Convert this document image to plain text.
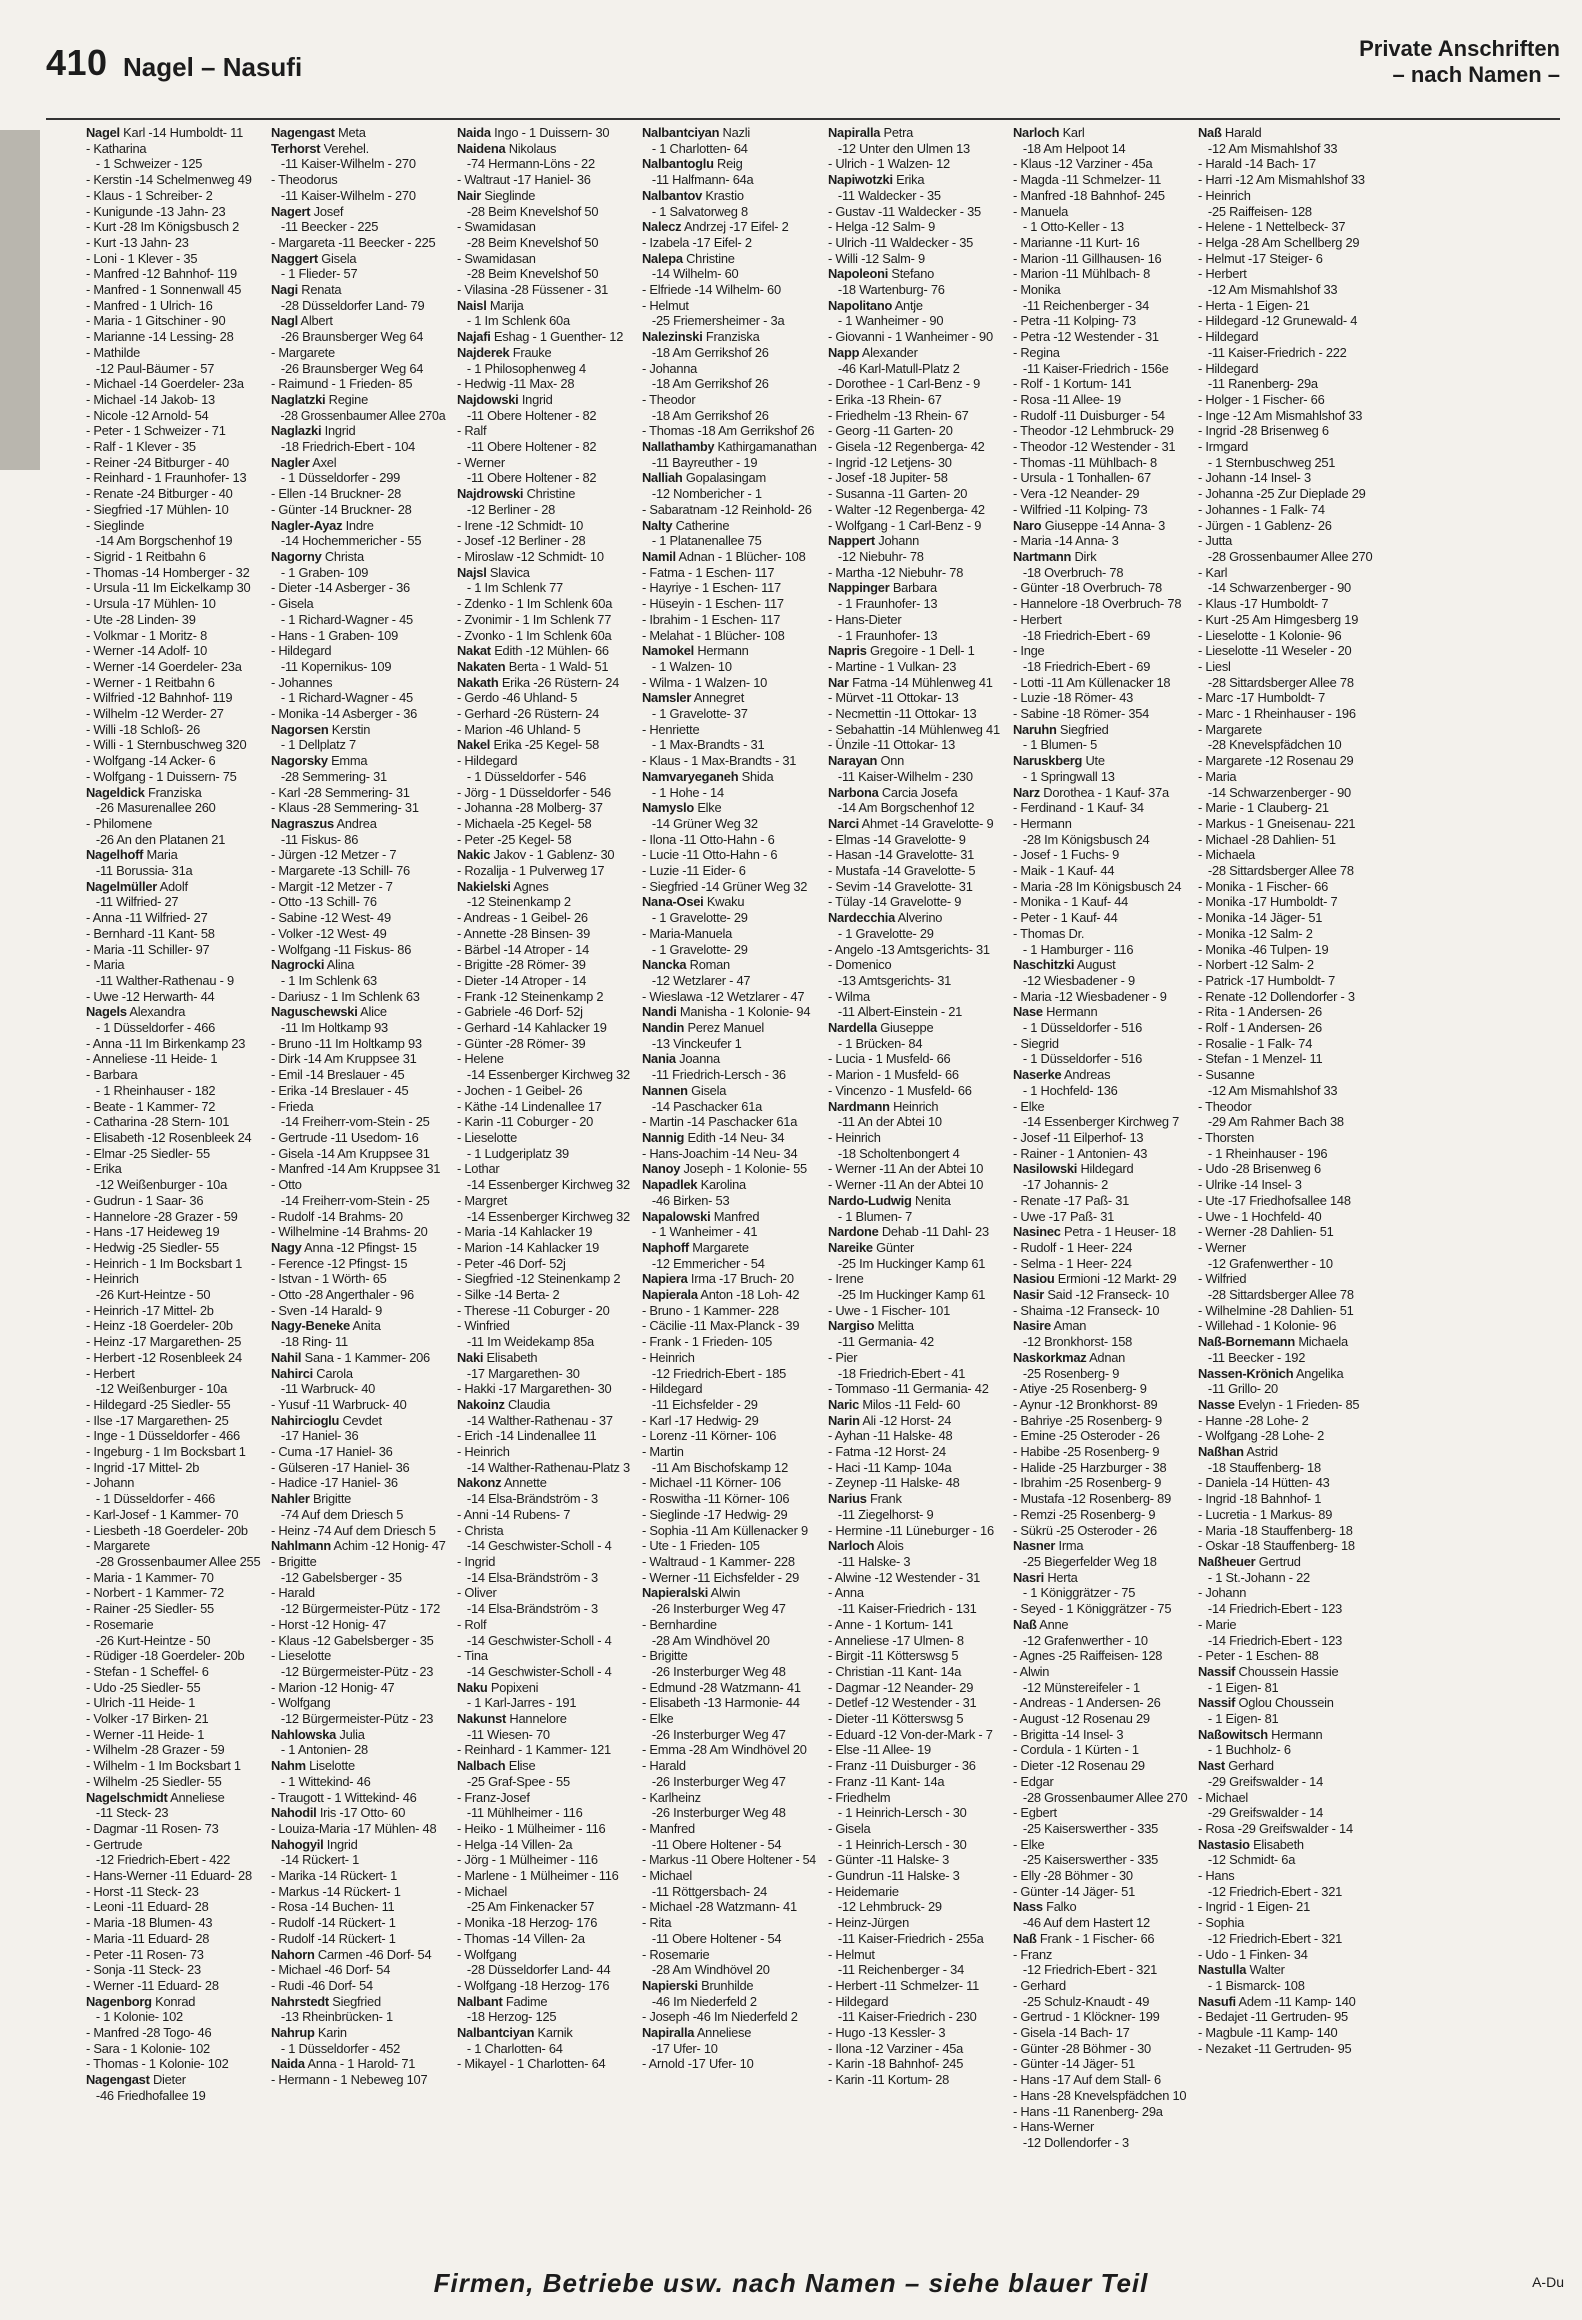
410 Nagel – Nasufi
Private Anschriften
– nach Namen –
Nagel Karl -14 Humboldt- 11
- Katharina
- 1 Schweizer - 125
- Kerstin -14 Schelmenweg 49
- Klaus - 1 Schreiber- 2
- Kunigunde -13 Jahn- 23
- Kurt -28 Im Königsbusch 2
- Kurt -13 Jahn- 23
- Loni - 1 Klever - 35
- Manfred -12 Bahnhof- 119
- Manfred - 1 Sonnenwall 45
- Manfred - 1 Ulrich- 16
- Maria - 1 Gitschiner - 90
- Marianne -14 Lessing- 28
- Mathilde
-12 Paul-Bäumer - 57
- Michael -14 Goerdeler- 23a
- Michael -14 Jakob- 13
- Nicole -12 Arnold- 54
- Peter - 1 Schweizer - 71
- Ralf - 1 Klever - 35
- Reiner -24 Bitburger - 40
- Reinhard - 1 Fraunhofer- 13
- Renate -24 Bitburger - 40
- Siegfried -17 Mühlen- 10
- Sieglinde
-14 Am Borgschenhof 19
- Sigrid - 1 Reitbahn 6
- Thomas -14 Homberger - 32
- Ursula -11 Im Eickelkamp 30
- Ursula -17 Mühlen- 10
- Ute -28 Linden- 39
- Volkmar - 1 Moritz- 8
- Werner -14 Adolf- 10
- Werner -14 Goerdeler- 23a
- Werner - 1 Reitbahn 6
- Wilfried -12 Bahnhof- 119
- Wilhelm -12 Werder- 27
- Willi -18 Schloß- 26
- Willi - 1 Sternbuschweg 320
- Wolfgang -14 Acker- 6
- Wolfgang - 1 Duissern- 75
Nageldick Franziska
-26 Masurenallee 260
- Philomene
-26 An den Platanen 21
Nagelhoff Maria
-11 Borussia- 31a
Nagelmüller Adolf
-11 Wilfried- 27
- Anna -11 Wilfried- 27
- Bernhard -11 Kant- 58
- Maria -11 Schiller- 97
- Maria
-11 Walther-Rathenau - 9
- Uwe -12 Herwarth- 44
Nagels Alexandra
- 1 Düsseldorfer - 466
- Anna -11 Im Birkenkamp 23
- Anneliese -11 Heide- 1
- Barbara
- 1 Rheinhauser - 182
- Beate - 1 Kammer- 72
- Catharina -28 Stern- 101
- Elisabeth -12 Rosenbleek 24
- Elmar -25 Siedler- 55
- Erika
-12 Weißenburger - 10a
- Gudrun - 1 Saar- 36
- Hannelore -28 Grazer - 59
- Hans -17 Heideweg 19
- Hedwig -25 Siedler- 55
- Heinrich - 1 Im Bocksbart 1
- Heinrich
-26 Kurt-Heintze - 50
- Heinrich -17 Mittel- 2b
- Heinz -18 Goerdeler- 20b
- Heinz -17 Margarethen- 25
- Herbert -12 Rosenbleek 24
- Herbert
-12 Weißenburger - 10a
- Hildegard -25 Siedler- 55
- Ilse -17 Margarethen- 25
- Inge - 1 Düsseldorfer - 466
- Ingeburg - 1 Im Bocksbart 1
- Ingrid -17 Mittel- 2b
- Johann
- 1 Düsseldorfer - 466
- Karl-Josef - 1 Kammer- 70
- Liesbeth -18 Goerdeler- 20b
- Margarete
-28 Grossenbaumer Allee 255
- Maria - 1 Kammer- 70
- Norbert - 1 Kammer- 72
- Rainer -25 Siedler- 55
- Rosemarie
-26 Kurt-Heintze - 50
- Rüdiger -18 Goerdeler- 20b
- Stefan - 1 Scheffel- 6
- Udo -25 Siedler- 55
- Ulrich -11 Heide- 1
- Volker -17 Birken- 21
- Werner -11 Heide- 1
- Wilhelm -28 Grazer - 59
- Wilhelm - 1 Im Bocksbart 1
- Wilhelm -25 Siedler- 55
Nagelschmidt Anneliese
-11 Steck- 23
- Dagmar -11 Rosen- 73
- Gertrude
-12 Friedrich-Ebert - 422
- Hans-Werner -11 Eduard- 28
- Horst -11 Steck- 23
- Leoni -11 Eduard- 28
- Maria -18 Blumen- 43
- Maria -11 Eduard- 28
- Peter -11 Rosen- 73
- Sonja -11 Steck- 23
- Werner -11 Eduard- 28
Nagenborg Konrad
- 1 Kolonie- 102
- Manfred -28 Togo- 46
- Sara - 1 Kolonie- 102
- Thomas - 1 Kolonie- 102
Nagengast Dieter
-46 Friedhofallee 19
Nagengast Meta
Terhorst Verehel.
-11 Kaiser-Wilhelm - 270
- Theodorus
-11 Kaiser-Wilhelm - 270
Nagert Josef
-11 Beecker - 225
- Margareta -11 Beecker - 225
Naggert Gisela
- 1 Flieder- 57
Nagi Renata
-28 Düsseldorfer Land- 79
Nagl Albert
-26 Braunsberger Weg 64
- Margarete
-26 Braunsberger Weg 64
- Raimund - 1 Frieden- 85
Naglatzki Regine
-28 Grossenbaumer Allee 270a
Naglazki Ingrid
-18 Friedrich-Ebert - 104
Nagler Axel
- 1 Düsseldorfer - 299
- Ellen -14 Bruckner- 28
- Günter -14 Bruckner- 28
Nagler-Ayaz Indre
-14 Hochemmericher - 55
Nagorny Christa
- 1 Graben- 109
- Dieter -14 Asberger - 36
- Gisela
- 1 Richard-Wagner - 45
- Hans - 1 Graben- 109
- Hildegard
-11 Kopernikus- 109
- Johannes
- 1 Richard-Wagner - 45
- Monika -14 Asberger - 36
Nagorsen Kerstin
- 1 Dellplatz 7
Nagorsky Emma
-28 Semmering- 31
- Karl -28 Semmering- 31
- Klaus -28 Semmering- 31
Nagraszus Andrea
-11 Fiskus- 86
- Jürgen -12 Metzer - 7
- Margarete -13 Schill- 76
- Margit -12 Metzer - 7
- Otto -13 Schill- 76
- Sabine -12 West- 49
- Volker -12 West- 49
- Wolfgang -11 Fiskus- 86
Nagrocki Alina
- 1 Im Schlenk 63
- Dariusz - 1 Im Schlenk 63
Naguschewski Alice
-11 Im Holtkamp 93
- Bruno -11 Im Holtkamp 93
- Dirk -14 Am Kruppsee 31
- Emil -14 Breslauer - 45
- Erika -14 Breslauer - 45
- Frieda
-14 Freiherr-vom-Stein - 25
- Gertrude -11 Usedom- 16
- Gisela -14 Am Kruppsee 31
- Manfred -14 Am Kruppsee 31
- Otto
-14 Freiherr-vom-Stein - 25
- Rudolf -14 Brahms- 20
- Wilhelmine -14 Brahms- 20
Nagy Anna -12 Pfingst- 15
- Ference -12 Pfingst- 15
- Istvan - 1 Wörth- 65
- Otto -28 Angerthaler - 96
- Sven -14 Harald- 9
Nagy-Beneke Anita
-18 Ring- 11
Nahil Sana - 1 Kammer- 206
Nahirci Carola
-11 Warbruck- 40
- Yusuf -11 Warbruck- 40
Nahircioglu Cevdet
-17 Haniel- 36
- Cuma -17 Haniel- 36
- Gülseren -17 Haniel- 36
- Hadice -17 Haniel- 36
Nahler Brigitte
-74 Auf dem Driesch 5
- Heinz -74 Auf dem Driesch 5
Nahlmann Achim -12 Honig- 47
- Brigitte
-12 Gabelsberger - 35
- Harald
-12 Bürgermeister-Pütz - 172
- Horst -12 Honig- 47
- Klaus -12 Gabelsberger - 35
- Lieselotte
-12 Bürgermeister-Pütz - 23
- Marion -12 Honig- 47
- Wolfgang
-12 Bürgermeister-Pütz - 23
Nahlowska Julia
- 1 Antonien- 28
Nahm Liselotte
- 1 Wittekind- 46
- Traugott - 1 Wittekind- 46
Nahodil Iris -17 Otto- 60
- Louiza-Maria -17 Mühlen- 48
Nahogyil Ingrid
-14 Rückert- 1
- Marika -14 Rückert- 1
- Markus -14 Rückert- 1
- Rosa -14 Buchen- 11
- Rudolf -14 Rückert- 1
- Rudolf -14 Rückert- 1
Nahorn Carmen -46 Dorf- 54
- Michael -46 Dorf- 54
- Rudi -46 Dorf- 54
Nahrstedt Siegfried
-13 Rheinbrücken- 1
Nahrup Karin
- 1 Düsseldorfer - 452
Naida Anna - 1 Harold- 71
- Hermann - 1 Nebeweg 107
Naida Ingo - 1 Duissern- 30
Naidena Nikolaus
-74 Hermann-Löns - 22
- Waltraut -17 Haniel- 36
Nair Sieglinde
-28 Beim Knevelshof 50
- Swamidasan
-28 Beim Knevelshof 50
- Swamidasan
-28 Beim Knevelshof 50
- Vilasina -28 Füssener - 31
Naisl Marija
- 1 Im Schlenk 60a
Najafi Eshag - 1 Guenther- 12
Najderek Frauke
- 1 Philosophenweg 4
- Hedwig -11 Max- 28
Najdowski Ingrid
-11 Obere Holtener - 82
- Ralf
-11 Obere Holtener - 82
- Werner
-11 Obere Holtener - 82
Najdrowski Christine
-12 Berliner - 28
- Irene -12 Schmidt- 10
- Josef -12 Berliner - 28
- Miroslaw -12 Schmidt- 10
Najsl Slavica
- 1 Im Schlenk 77
- Zdenko - 1 Im Schlenk 60a
- Zvonimir - 1 Im Schlenk 77
- Zvonko - 1 Im Schlenk 60a
Nakat Edith -12 Mühlen- 66
Nakaten Berta - 1 Wald- 51
Nakath Erika -26 Rüstern- 24
- Gerdo -46 Uhland- 5
- Gerhard -26 Rüstern- 24
- Marion -46 Uhland- 5
Nakel Erika -25 Kegel- 58
- Hildegard
- 1 Düsseldorfer - 546
- Jörg - 1 Düsseldorfer - 546
- Johanna -28 Molberg- 37
- Michaela -25 Kegel- 58
- Peter -25 Kegel- 58
Nakic Jakov - 1 Gablenz- 30
- Rozalija - 1 Pulverweg 17
Nakielski Agnes
-12 Steinenkamp 2
- Andreas - 1 Geibel- 26
- Annette -28 Binsen- 39
- Bärbel -14 Atroper - 14
- Brigitte -28 Römer- 39
- Dieter -14 Atroper - 14
- Frank -12 Steinenkamp 2
- Gabriele -46 Dorf- 52j
- Gerhard -14 Kahlacker 19
- Günter -28 Römer- 39
- Helene
-14 Essenberger Kirchweg 32
- Jochen - 1 Geibel- 26
- Käthe -14 Lindenallee 17
- Karin -11 Coburger - 20
- Lieselotte
- 1 Ludgeriplatz 39
- Lothar
-14 Essenberger Kirchweg 32
- Margret
-14 Essenberger Kirchweg 32
- Maria -14 Kahlacker 19
- Marion -14 Kahlacker 19
- Peter -46 Dorf- 52j
- Siegfried -12 Steinenkamp 2
- Silke -14 Berta- 2
- Therese -11 Coburger - 20
- Winfried
-11 Im Weidekamp 85a
Naki Elisabeth
-17 Margarethen- 30
- Hakki -17 Margarethen- 30
Nakoinz Claudia
-14 Walther-Rathenau - 37
- Erich -14 Lindenallee 11
- Heinrich
-14 Walther-Rathenau-Platz 3
Nakonz Annette
-14 Elsa-Brändström - 3
- Anni -14 Rubens- 7
- Christa
-14 Geschwister-Scholl - 4
- Ingrid
-14 Elsa-Brändström - 3
- Oliver
-14 Elsa-Brändström - 3
- Rolf
-14 Geschwister-Scholl - 4
- Tina
-14 Geschwister-Scholl - 4
Naku Popixeni
- 1 Karl-Jarres - 191
Nakunst Hannelore
-11 Wiesen- 70
- Reinhard - 1 Kammer- 121
Nalbach Elise
-25 Graf-Spee - 55
- Franz-Josef
-11 Mühlheimer - 116
- Heiko - 1 Mülheimer - 116
- Helga -14 Villen- 2a
- Jörg - 1 Mülheimer - 116
- Marlene - 1 Mülheimer - 116
- Michael
-25 Am Finkenacker 57
- Monika -18 Herzog- 176
- Thomas -14 Villen- 2a
- Wolfgang
-28 Düsseldorfer Land- 44
- Wolfgang -18 Herzog- 176
Nalbant Fadime
-18 Herzog- 125
Nalbantciyan Karnik
- 1 Charlotten- 64
- Mikayel - 1 Charlotten- 64
Nalbantciyan Nazli
- 1 Charlotten- 64
Nalbantoglu Reig
-11 Halfmann- 64a
Nalbantov Krastio
- 1 Salvatorweg 8
Nalecz Andrzej -17 Eifel- 2
- Izabela -17 Eifel- 2
Nalepa Christine
-14 Wilhelm- 60
- Elfriede -14 Wilhelm- 60
- Helmut
-25 Friemersheimer - 3a
Nalezinski Franziska
-18 Am Gerrikshof 26
- Johanna
-18 Am Gerrikshof 26
- Theodor
-18 Am Gerrikshof 26
- Thomas -18 Am Gerrikshof 26
Nallathamby Kathirgamanathan
-11 Bayreuther - 19
Nalliah Gopalasingam
-12 Nombericher - 1
- Sabaratnam -12 Reinhold- 26
Nalty Catherine
- 1 Platanenallee 75
Namil Adnan - 1 Blücher- 108
- Fatma - 1 Eschen- 117
- Hayriye - 1 Eschen- 117
- Hüseyin - 1 Eschen- 117
- Ibrahim - 1 Eschen- 117
- Melahat - 1 Blücher- 108
Namokel Hermann
- 1 Walzen- 10
- Wilma - 1 Walzen- 10
Namsler Annegret
- 1 Gravelotte- 37
- Henriette
- 1 Max-Brandts - 31
- Klaus - 1 Max-Brandts - 31
Namvaryeganeh Shida
- 1 Hohe - 14
Namyslo Elke
-14 Grüner Weg 32
- Ilona -11 Otto-Hahn - 6
- Lucie -11 Otto-Hahn - 6
- Luzie -11 Eider- 6
- Siegfried -14 Grüner Weg 32
Nana-Osei Kwaku
- 1 Gravelotte- 29
- Maria-Manuela
- 1 Gravelotte- 29
Nancka Roman
-12 Wetzlarer - 47
- Wieslawa -12 Wetzlarer - 47
Nandi Manisha - 1 Kolonie- 94
Nandin Perez Manuel
-13 Vinckeufer 1
Nania Joanna
-11 Friedrich-Lersch - 36
Nannen Gisela
-14 Paschacker 61a
- Martin -14 Paschacker 61a
Nannig Edith -14 Neu- 34
- Hans-Joachim -14 Neu- 34
Nanoy Joseph - 1 Kolonie- 55
Napadlek Karolina
-46 Birken- 53
Napalowski Manfred
- 1 Wanheimer - 41
Naphoff Margarete
-12 Emmericher - 54
Napiera Irma -17 Bruch- 20
Napierala Anton -18 Loh- 42
- Bruno - 1 Kammer- 228
- Cäcilie -11 Max-Planck - 39
- Frank - 1 Frieden- 105
- Heinrich
-12 Friedrich-Ebert - 185
- Hildegard
-11 Eichsfelder - 29
- Karl -17 Hedwig- 29
- Lorenz -11 Körner- 106
- Martin
-11 Am Bischofskamp 12
- Michael -11 Körner- 106
- Roswitha -11 Körner- 106
- Sieglinde -17 Hedwig- 29
- Sophia -11 Am Küllenacker 9
- Ute - 1 Frieden- 105
- Waltraud - 1 Kammer- 228
- Werner -11 Eichsfelder - 29
Napieralski Alwin
-26 Insterburger Weg 47
- Bernhardine
-28 Am Windhövel 20
- Brigitte
-26 Insterburger Weg 48
- Edmund -28 Watzmann- 41
- Elisabeth -13 Harmonie- 44
- Elke
-26 Insterburger Weg 47
- Emma -28 Am Windhövel 20
- Harald
-26 Insterburger Weg 47
- Karlheinz
-26 Insterburger Weg 48
- Manfred
-11 Obere Holtener - 54
- Markus -11 Obere Holtener - 54
- Michael
-11 Röttgersbach- 24
- Michael -28 Watzmann- 41
- Rita
-11 Obere Holtener - 54
- Rosemarie
-28 Am Windhövel 20
Napierski Brunhilde
-46 Im Niederfeld 2
- Joseph -46 Im Niederfeld 2
Napiralla Anneliese
-17 Ufer- 10
- Arnold -17 Ufer- 10
Napiralla Petra
-12 Unter den Ulmen 13
- Ulrich - 1 Walzen- 12
Napiwotzki Erika
-11 Waldecker - 35
- Gustav -11 Waldecker - 35
- Helga -12 Salm- 9
- Ulrich -11 Waldecker - 35
- Willi -12 Salm- 9
Napoleoni Stefano
-18 Wartenburg- 76
Napolitano Antje
- 1 Wanheimer - 90
- Giovanni - 1 Wanheimer - 90
Napp Alexander
-46 Karl-Matull-Platz 2
- Dorothee - 1 Carl-Benz - 9
- Erika -13 Rhein- 67
- Friedhelm -13 Rhein- 67
- Georg -11 Garten- 20
- Gisela -12 Regenberga- 42
- Ingrid -12 Letjens- 30
- Josef -18 Jupiter- 58
- Susanna -11 Garten- 20
- Walter -12 Regenberga- 42
- Wolfgang - 1 Carl-Benz - 9
Nappert Johann
-12 Niebuhr- 78
- Martha -12 Niebuhr- 78
Nappinger Barbara
- 1 Fraunhofer- 13
- Hans-Dieter
- 1 Fraunhofer- 13
Napris Gregoire - 1 Dell- 1
- Martine - 1 Vulkan- 23
Nar Fatma -14 Mühlenweg 41
- Mürvet -11 Ottokar- 13
- Necmettin -11 Ottokar- 13
- Sebahattin -14 Mühlenweg 41
- Ünzile -11 Ottokar- 13
Narayan Onn
-11 Kaiser-Wilhelm - 230
Narbona Carcia Josefa
-14 Am Borgschenhof 12
Narci Ahmet -14 Gravelotte- 9
- Elmas -14 Gravelotte- 9
- Hasan -14 Gravelotte- 31
- Mustafa -14 Gravelotte- 5
- Sevim -14 Gravelotte- 31
- Tülay -14 Gravelotte- 9
Nardecchia Alverino
- 1 Gravelotte- 29
- Angelo -13 Amtsgerichts- 31
- Domenico
-13 Amtsgerichts- 31
- Wilma
-11 Albert-Einstein - 21
Nardella Giuseppe
- 1 Brücken- 84
- Lucia - 1 Musfeld- 66
- Marion - 1 Musfeld- 66
- Vincenzo - 1 Musfeld- 66
Nardmann Heinrich
-11 An der Abtei 10
- Heinrich
-18 Scholtenbongert 4
- Werner -11 An der Abtei 10
- Werner -11 An der Abtei 10
Nardo-Ludwig Nenita
- 1 Blumen- 7
Nardone Dehab -11 Dahl- 23
Nareike Günter
-25 Im Huckinger Kamp 61
- Irene
-25 Im Huckinger Kamp 61
- Uwe - 1 Fischer- 101
Nargiso Melitta
-11 Germania- 42
- Pier
-18 Friedrich-Ebert - 41
- Tommaso -11 Germania- 42
Naric Milos -11 Feld- 60
Narin Ali -12 Horst- 24
- Ayhan -11 Halske- 48
- Fatma -12 Horst- 24
- Haci -11 Kamp- 104a
- Zeynep -11 Halske- 48
Narius Frank
-11 Ziegelhorst- 9
- Hermine -11 Lüneburger - 16
Narloch Alois
-11 Halske- 3
- Alwine -12 Westender - 31
- Anna
-11 Kaiser-Friedrich - 131
- Anne - 1 Kortum- 141
- Anneliese -17 Ulmen- 8
- Birgit -11 Kötterswsg 5
- Christian -11 Kant- 14a
- Dagmar -12 Neander- 29
- Detlef -12 Westender - 31
- Dieter -11 Kötterswsg 5
- Eduard -12 Von-der-Mark - 7
- Else -11 Allee- 19
- Franz -11 Duisburger - 36
- Franz -11 Kant- 14a
- Friedhelm
- 1 Heinrich-Lersch - 30
- Gisela
- 1 Heinrich-Lersch - 30
- Günter -11 Halske- 3
- Gundrun -11 Halske- 3
- Heidemarie
-12 Lehmbruck- 29
- Heinz-Jürgen
-11 Kaiser-Friedrich - 255a
- Helmut
-11 Reichenberger - 34
- Herbert -11 Schmelzer- 11
- Hildegard
-11 Kaiser-Friedrich - 230
- Hugo -13 Kessler- 3
- Ilona -12 Varziner - 45a
- Karin -18 Bahnhof- 245
- Karin -11 Kortum- 28
Narloch Karl
-18 Am Helpoot 14
- Klaus -12 Varziner - 45a
- Magda -11 Schmelzer- 11
- Manfred -18 Bahnhof- 245
- Manuela
- 1 Otto-Keller - 13
- Marianne -11 Kurt- 16
- Marion -11 Gillhausen- 16
- Marion -11 Mühlbach- 8
- Monika
-11 Reichenberger - 34
- Petra -11 Kolping- 73
- Petra -12 Westender - 31
- Regina
-11 Kaiser-Friedrich - 156e
- Rolf - 1 Kortum- 141
- Rosa -11 Allee- 19
- Rudolf -11 Duisburger - 54
- Theodor -12 Lehmbruck- 29
- Theodor -12 Westender - 31
- Thomas -11 Mühlbach- 8
- Ursula - 1 Tonhallen- 67
- Vera -12 Neander- 29
- Wilfried -11 Kolping- 73
Naro Giuseppe -14 Anna- 3
- Maria -14 Anna- 3
Nartmann Dirk
-18 Overbruch- 78
- Günter -18 Overbruch- 78
- Hannelore -18 Overbruch- 78
- Herbert
-18 Friedrich-Ebert - 69
- Inge
-18 Friedrich-Ebert - 69
- Lotti -11 Am Küllenacker 18
- Luzie -18 Römer- 43
- Sabine -18 Römer- 354
Naruhn Siegfried
- 1 Blumen- 5
Naruskberg Ute
- 1 Springwall 13
Narz Dorothea - 1 Kauf- 37a
- Ferdinand - 1 Kauf- 34
- Hermann
-28 Im Königsbusch 24
- Josef - 1 Fuchs- 9
- Maik - 1 Kauf- 44
- Maria -28 Im Königsbusch 24
- Monika - 1 Kauf- 44
- Peter - 1 Kauf- 44
- Thomas Dr.
- 1 Hamburger - 116
Naschitzki August
-12 Wiesbadener - 9
- Maria -12 Wiesbadener - 9
Nase Hermann
- 1 Düsseldorfer - 516
- Siegrid
- 1 Düsseldorfer - 516
Naserke Andreas
- 1 Hochfeld- 136
- Elke
-14 Essenberger Kirchweg 7
- Josef -11 Eilperhof- 13
- Rainer - 1 Antonien- 43
Nasilowski Hildegard
-17 Johannis- 2
- Renate -17 Paß- 31
- Uwe -17 Paß- 31
Nasinec Petra - 1 Heuser- 18
- Rudolf - 1 Heer- 224
- Selma - 1 Heer- 224
Nasiou Ermioni -12 Markt- 29
Nasir Said -12 Franseck- 10
- Shaima -12 Franseck- 10
Nasire Aman
-12 Bronkhorst- 158
Naskorkmaz Adnan
-25 Rosenberg- 9
- Atiye -25 Rosenberg- 9
- Aynur -12 Bronkhorst- 89
- Bahriye -25 Rosenberg- 9
- Emine -25 Osteroder - 26
- Habibe -25 Rosenberg- 9
- Halide -25 Harzburger - 38
- Ibrahim -25 Rosenberg- 9
- Mustafa -12 Rosenberg- 89
- Remzi -25 Rosenberg- 9
- Sükrü -25 Osteroder - 26
Nasner Irma
-25 Biegerfelder Weg 18
Nasri Herta
- 1 Königgrätzer - 75
- Seyed - 1 Königgrätzer - 75
Naß Anne
-12 Grafenwerther - 10
- Agnes -25 Raiffeisen- 128
- Alwin
-12 Münstereifeler - 1
- Andreas - 1 Andersen- 26
- August -12 Rosenau 29
- Brigitta -14 Insel- 3
- Cordula - 1 Kürten - 1
- Dieter -12 Rosenau 29
- Edgar
-28 Grossenbaumer Allee 270
- Egbert
-25 Kaiserswerther - 335
- Elke
-25 Kaiserswerther - 335
- Elly -28 Böhmer - 30
- Günter -14 Jäger- 51
Nass Falko
-46 Auf dem Hastert 12
Naß Frank - 1 Fischer- 66
- Franz
-12 Friedrich-Ebert - 321
- Gerhard
-25 Schulz-Knaudt - 49
- Gertrud - 1 Klöckner- 199
- Gisela -14 Bach- 17
- Günter -28 Böhmer - 30
- Günter -14 Jäger- 51
- Hans -17 Auf dem Stall- 6
- Hans -28 Knevelspfädchen 10
- Hans -11 Ranenberg- 29a
- Hans-Werner
-12 Dollendorfer - 3
Naß Harald
-12 Am Mismahlshof 33
- Harald -14 Bach- 17
- Harri -12 Am Mismahlshof 33
- Heinrich
-25 Raiffeisen- 128
- Helene - 1 Nettelbeck- 37
- Helga -28 Am Schellberg 29
- Helmut -17 Steiger- 6
- Herbert
-12 Am Mismahlshof 33
- Herta - 1 Eigen- 21
- Hildegard -12 Grunewald- 4
- Hildegard
-11 Kaiser-Friedrich - 222
- Hildegard
-11 Ranenberg- 29a
- Holger - 1 Fischer- 66
- Inge -12 Am Mismahlshof 33
- Ingrid -28 Brisenweg 6
- Irmgard
- 1 Sternbuschweg 251
- Johann -14 Insel- 3
- Johanna -25 Zur Dieplade 29
- Johannes - 1 Falk- 74
- Jürgen - 1 Gablenz- 26
- Jutta
-28 Grossenbaumer Allee 270
- Karl
-14 Schwarzenberger - 90
- Klaus -17 Humboldt- 7
- Kurt -25 Am Himgesberg 19
- Lieselotte - 1 Kolonie- 96
- Lieselotte -11 Weseler - 20
- Liesl
-28 Sittardsberger Allee 78
- Marc -17 Humboldt- 7
- Marc - 1 Rheinhauser - 196
- Margarete
-28 Knevelspfädchen 10
- Margarete -12 Rosenau 29
- Maria
-14 Schwarzenberger - 90
- Marie - 1 Clauberg- 21
- Markus - 1 Gneisenau- 221
- Michael -28 Dahlien- 51
- Michaela
-28 Sittardsberger Allee 78
- Monika - 1 Fischer- 66
- Monika -17 Humboldt- 7
- Monika -14 Jäger- 51
- Monika -12 Salm- 2
- Monika -46 Tulpen- 19
- Norbert -12 Salm- 2
- Patrick -17 Humboldt- 7
- Renate -12 Dollendorfer - 3
- Rita - 1 Andersen- 26
- Rolf - 1 Andersen- 26
- Rosalie - 1 Falk- 74
- Stefan - 1 Menzel- 11
- Susanne
-12 Am Mismahlshof 33
- Theodor
-29 Am Rahmer Bach 38
- Thorsten
- 1 Rheinhauser - 196
- Udo -28 Brisenweg 6
- Ulrike -14 Insel- 3
- Ute -17 Friedhofsallee 148
- Uwe - 1 Hochfeld- 40
- Werner -28 Dahlien- 51
- Werner
-12 Grafenwerther - 10
- Wilfried
-28 Sittardsberger Allee 78
- Wilhelmine -28 Dahlien- 51
- Willehad - 1 Kolonie- 96
Naß-Bornemann Michaela
-11 Beecker - 192
Nassen-Krönich Angelika
-11 Grillo- 20
Nasse Evelyn - 1 Frieden- 85
- Hanne -28 Lohe- 2
- Wolfgang -28 Lohe- 2
Naßhan Astrid
-18 Stauffenberg- 18
- Daniela -14 Hütten- 43
- Ingrid -18 Bahnhof- 1
- Lucretia - 1 Markus- 89
- Maria -18 Stauffenberg- 18
- Oskar -18 Stauffenberg- 18
Naßheuer Gertrud
- 1 St.-Johann - 22
- Johann
-14 Friedrich-Ebert - 123
- Marie
-14 Friedrich-Ebert - 123
- Peter - 1 Eschen- 88
Nassif Choussein Hassie
- 1 Eigen- 81
Nassif Oglou Choussein
- 1 Eigen- 81
Naßowitsch Hermann
- 1 Buchholz- 6
Nast Gerhard
-29 Greifswalder - 14
- Michael
-29 Greifswalder - 14
- Rosa -29 Greifswalder - 14
Nastasio Elisabeth
-12 Schmidt- 6a
- Hans
-12 Friedrich-Ebert - 321
- Ingrid - 1 Eigen- 21
- Sophia
-12 Friedrich-Ebert - 321
- Udo - 1 Finken- 34
Nastulla Walter
- 1 Bismarck- 108
Nasufi Adem -11 Kamp- 140
- Bedajet -11 Gertruden- 95
- Magbule -11 Kamp- 140
- Nezaket -11 Gertruden- 95
Firmen, Betriebe usw. nach Namen – siehe blauer Teil	A-Du
